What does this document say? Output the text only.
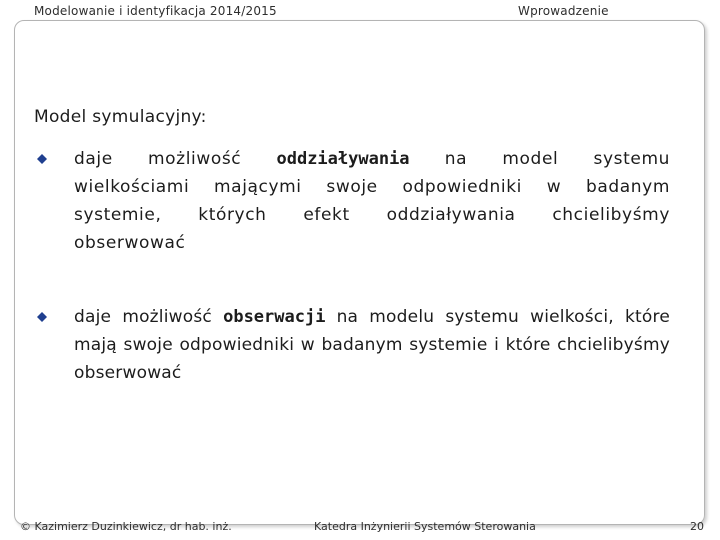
Modelowanie i identyfikacja 2014/2015	Wprowadzenie
Model symulacyjny:

daje możliwość oddziaływania na model systemu wielkościami mającymi swoje odpowiedniki w badanym systemie, których efekt oddziaływania chcielibyśmy obserwować

daje możliwość obserwacji na modelu systemu wielkości, które mają swoje odpowiedniki w badanym systemie i które chcielibyśmy obserwować

© Kazimierz Duzinkiewicz, dr hab. inż.	Katedra Inżynierii Systemów Sterowania	20
